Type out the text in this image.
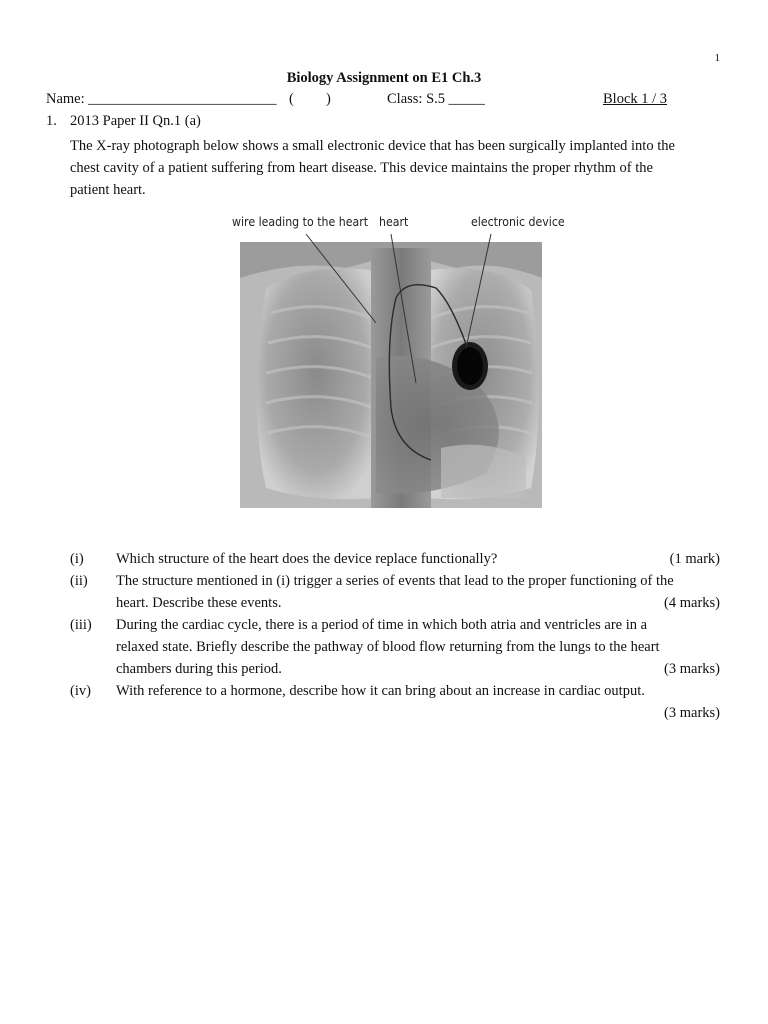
1
Biology Assignment on E1 Ch.3
Name: __________________________ ( )	Class: S.5 _____	Block 1 / 3
1. 2013 Paper II Qn.1 (a)
The X-ray photograph below shows a small electronic device that has been surgically implanted into the
chest cavity of a patient suffering from heart disease. This device maintains the proper rhythm of the
patient heart.
wire leading to the heart heart	electronic device
(i) Which structure of the heart does the device replace functionally?	(1 mark)
(ii) The structure mentioned in (i) trigger a series of events that lead to the proper functioning of the
heart. Describe these events.	(4 marks)
(iii) During the cardiac cycle, there is a period of time in which both atria and ventricles are in a
relaxed state. Briefly describe the pathway of blood flow returning from the lungs to the heart
chambers during this period.	(3 marks)
(iv) With reference to a hormone, describe how it can bring about an increase in cardiac output.
(3 marks)
